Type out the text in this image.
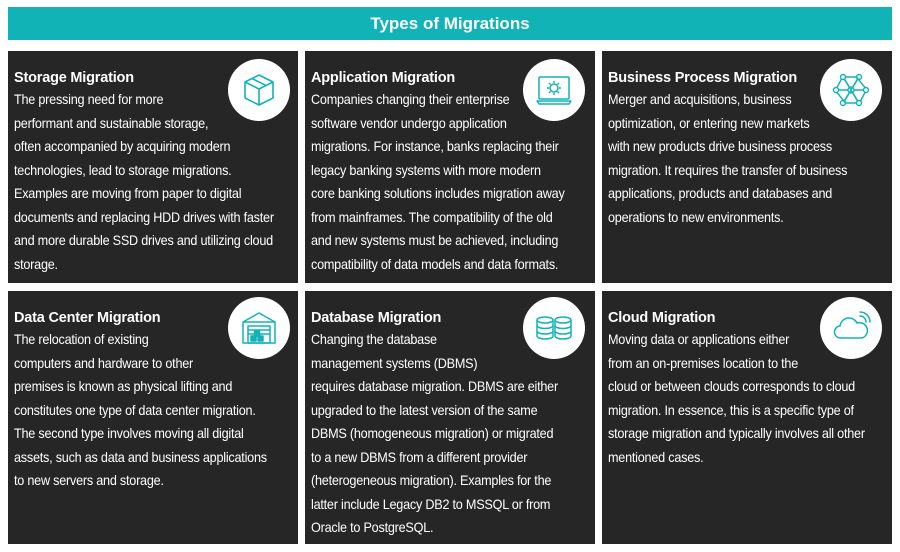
Types of Migrations
Storage Migration

The pressing need for more

performant and sustainable storage,

often accompanied by acquiring modern

technologies, lead to storage migrations.

Examples are moving from paper to digital

documents and replacing HDD drives with faster

and more durable SSD drives and utilizing cloud

storage.

Application Migration

Companies changing their enterprise

software vendor undergo application

migrations. For instance, banks replacing their

legacy banking systems with more modern

core banking solutions includes migration away

from mainframes. The compatibility of the old

and new systems must be achieved, including

compatibility of data models and data formats.

Business Process Migration

Merger and acquisitions, business

optimization, or entering new markets

with new products drive business process

migration. It requires the transfer of business

applications, products and databases and

operations to new environments.

Data Center Migration

The relocation of existing

computers and hardware to other

premises is known as physical lifting and

constitutes one type of data center migration.

The second type involves moving all digital

assets, such as data and business applications

to new servers and storage.

Database Migration

Changing the database

management systems (DBMS)

requires database migration. DBMS are either

upgraded to the latest version of the same

DBMS (homogeneous migration) or migrated

to a new DBMS from a different provider

(heterogeneous migration). Examples for the

latter include Legacy DB2 to MSSQL or from

Oracle to PostgreSQL.

Cloud Migration

Moving data or applications either

from an on-premises location to the

cloud or between clouds corresponds to cloud

migration. In essence, this is a specific type of

storage migration and typically involves all other

mentioned cases.
